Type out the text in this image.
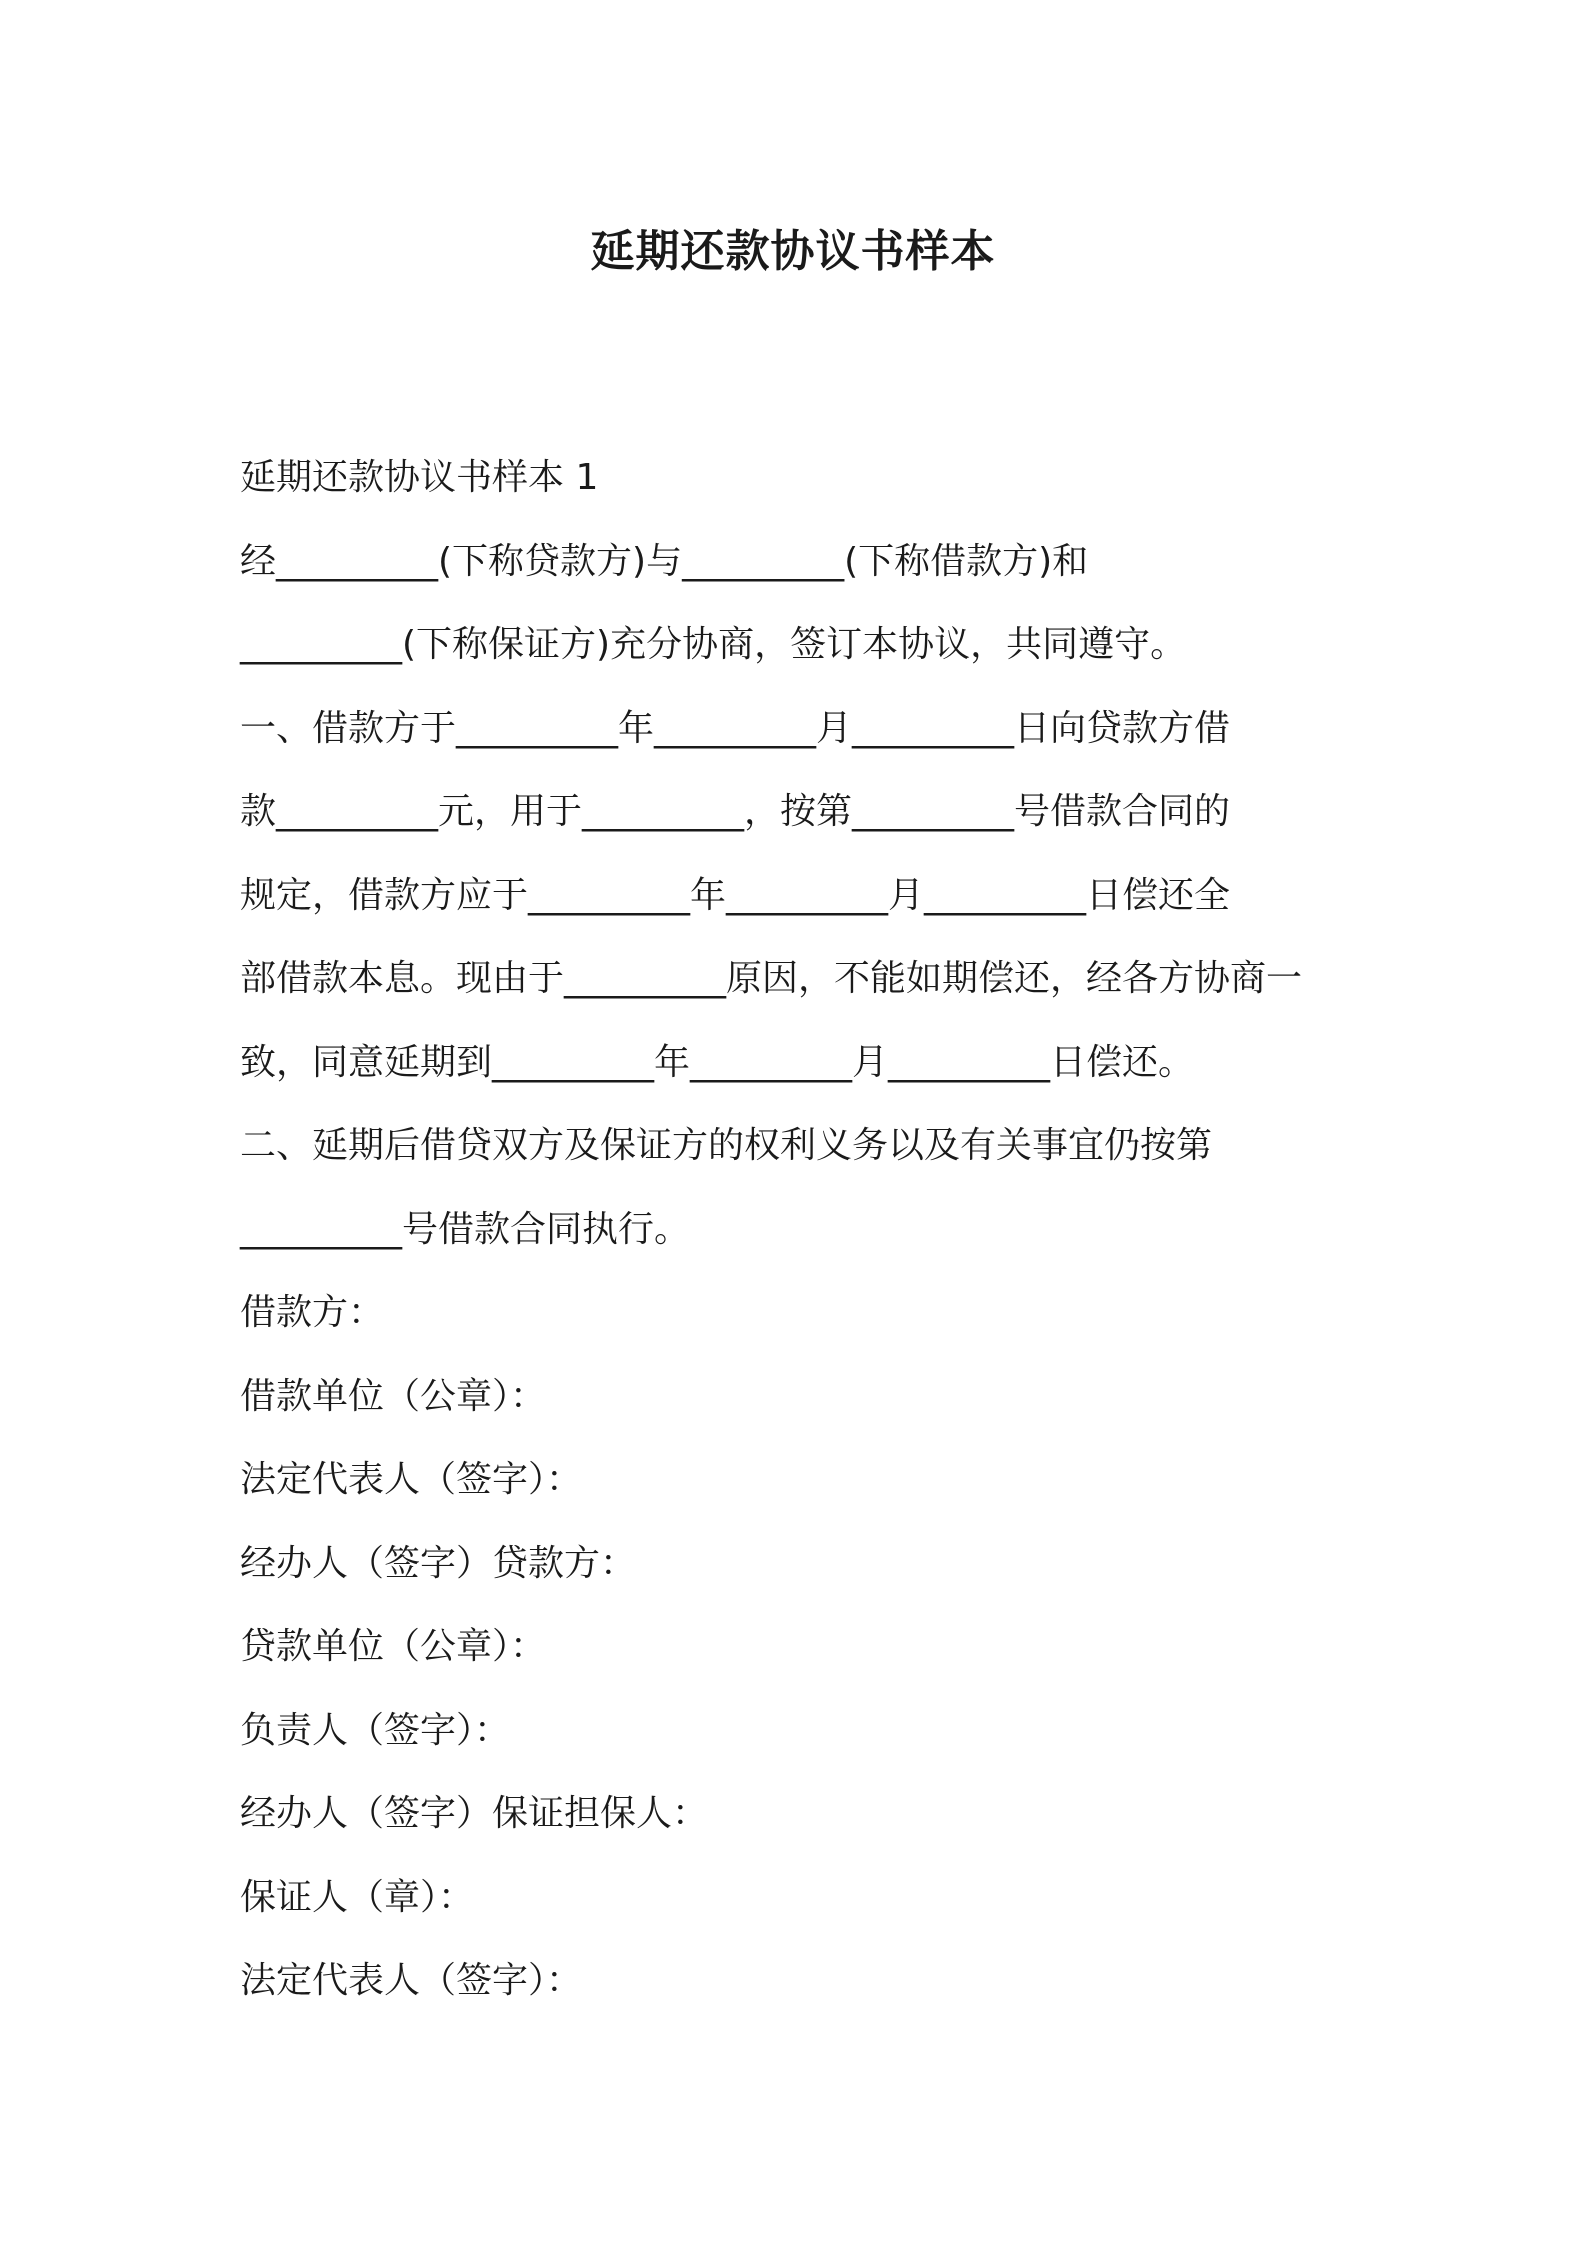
延期还款协议书样本

延期还款协议书样本 1

经_________(下称贷款方)与_________(下称借款方)和

_________(下称保证方)充分协商，签订本协议，共同遵守。

一、借款方于_________年_________月_________日向贷款方借

款_________元，用于_________，按第_________号借款合同的

规定，借款方应于_________年_________月_________日偿还全

部借款本息。现由于_________原因，不能如期偿还，经各方协商一

致，同意延期到_________年_________月_________日偿还。

二、延期后借贷双方及保证方的权利义务以及有关事宜仍按第

_________号借款合同执行。

借款方：

借款单位（公章）：

法定代表人（签字）：

经办人（签字）贷款方：

贷款单位（公章）：

负责人（签字）：

经办人（签字）保证担保人：

保证人（章）：

法定代表人（签字）：
